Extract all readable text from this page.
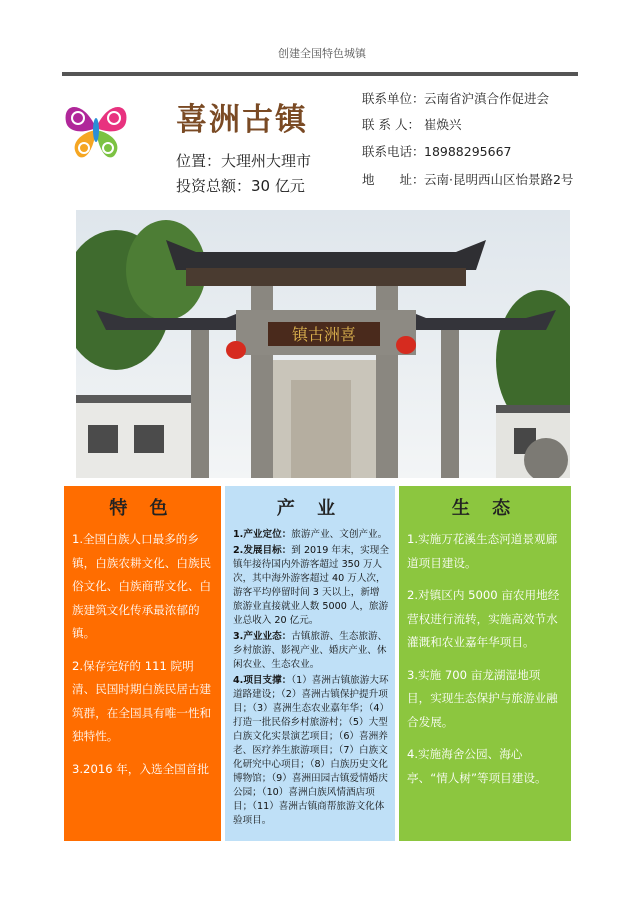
创建全国特色城镇
喜洲古镇
位置：大理州大理市
投资总额：30 亿元
联系单位：云南省沪滇合作促进会
联 系 人： 崔焕兴
联系电话：18988295667
地　　址：云南·昆明西山区怡景路2号
镇古洲喜
特 色

1.全国白族人口最多的乡镇，白族农耕文化、白族民俗文化、白族商帮文化、白族建筑文化传承最浓郁的镇。

2.保存完好的 111 院明清、民国时期白族民居古建筑群，在全国具有唯一性和独特性。

3.2016 年，入选全国首批

产 业

1.产业定位：旅游产业、文创产业。

2.发展目标：到 2019 年末，实现全镇年接待国内外游客超过 350 万人次，其中海外游客超过 40 万人次，游客平均停留时间 3 天以上，新增旅游业直接就业人数 5000 人，旅游业总收入 20 亿元。

3.产业业态：古镇旅游、生态旅游、乡村旅游、影视产业、婚庆产业、休闲农业、生态农业。

4.项目支撑：（1）喜洲古镇旅游大环道路建设；（2）喜洲古镇保护提升项目；（3）喜洲生态农业嘉年华；（4）打造一批民俗乡村旅游村；（5）大型白族文化实景演艺项目；（6）喜洲养老、医疗养生旅游项目；（7）白族文化研究中心项目；（8）白族历史文化博物馆；（9）喜洲田园古镇爱情婚庆公园；（10）喜洲白族风情酒店项目；（11）喜洲古镇商帮旅游文化体验项目。

生 态

1.实施万花溪生态河道景观廊道项目建设。

2.对镇区内 5000 亩农用地经营权进行流转，实施高效节水灌溉和农业嘉年华项目。

3.实施 700 亩龙湖湿地项目，实现生态保护与旅游业融合发展。

4.实施海舍公园、海心亭、“情人树”等项目建设。
